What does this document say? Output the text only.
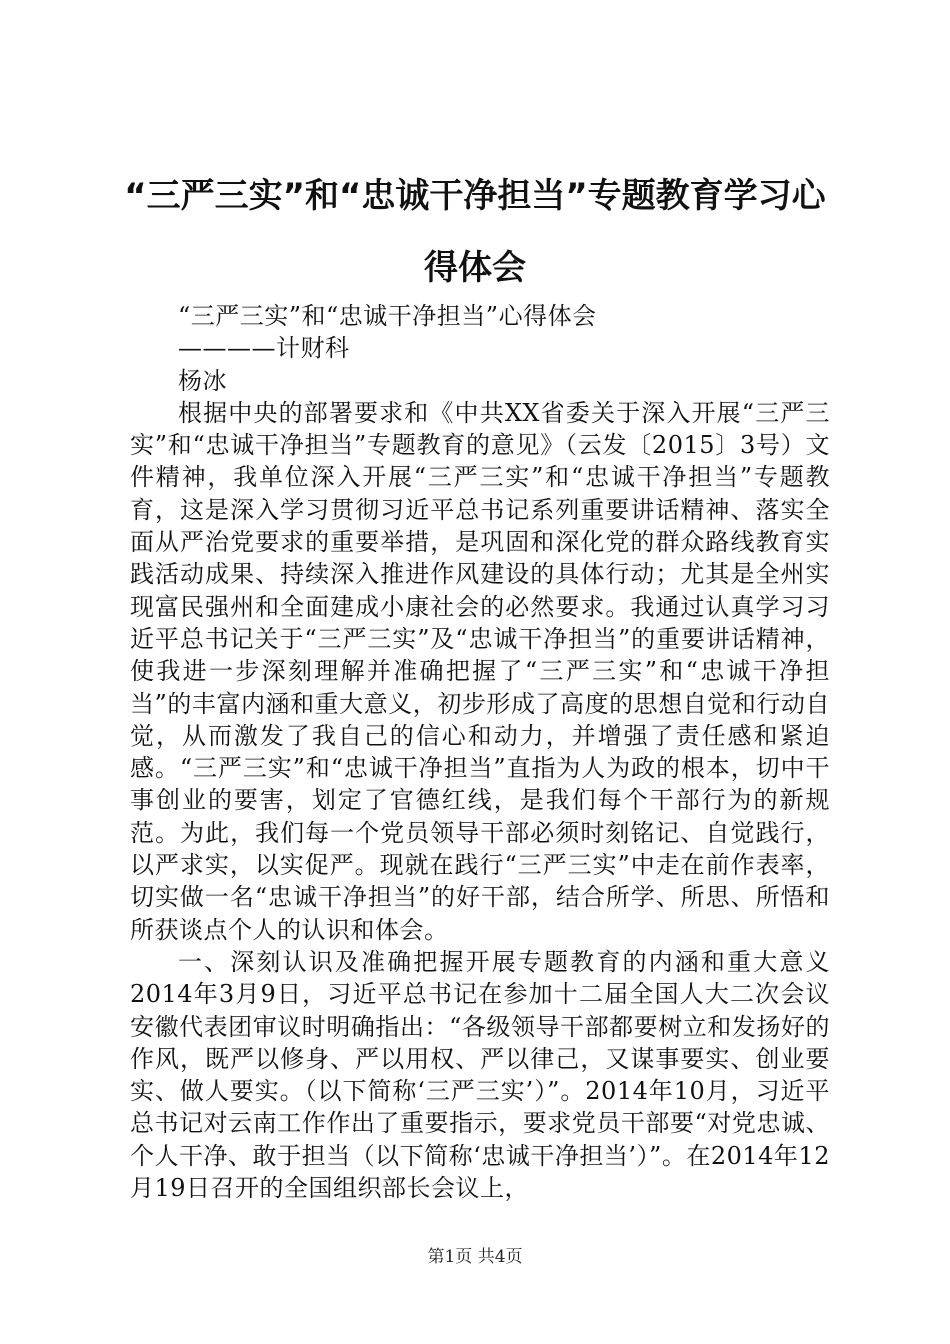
“三严三实”和“忠诚干净担当”专题教育学习心得体会

“三严三实”和“忠诚干净担当”心得体会

————计财科

杨冰

根据中央的部署要求和《中共XX省委关于深入开展“三严三实”和“忠诚干净担当”专题教育的意见》（云发〔2015〕3号）文件精神，我单位深入开展“三严三实”和“忠诚干净担当”专题教育，这是深入学习贯彻习近平总书记系列重要讲话精神、落实全面从严治党要求的重要举措，是巩固和深化党的群众路线教育实践活动成果、持续深入推进作风建设的具体行动；尤其是全州实现富民强州和全面建成小康社会的必然要求。我通过认真学习习近平总书记关于“三严三实”及“忠诚干净担当”的重要讲话精神，使我进一步深刻理解并准确把握了“三严三实”和“忠诚干净担当”的丰富内涵和重大意义，初步形成了高度的思想自觉和行动自觉，从而激发了我自己的信心和动力，并增强了责任感和紧迫感。“三严三实”和“忠诚干净担当”直指为人为政的根本，切中干事创业的要害，划定了官德红线，是我们每个干部行为的新规范。为此，我们每一个党员领导干部必须时刻铭记、自觉践行，以严求实，以实促严。现就在践行“三严三实”中走在前作表率，切实做一名“忠诚干净担当”的好干部，结合所学、所思、所悟和所获谈点个人的认识和体会。

一、深刻认识及准确把握开展专题教育的内涵和重大意义2014年3月9日，习近平总书记在参加十二届全国人大二次会议安徽代表团审议时明确指出：“各级领导干部都要树立和发扬好的作风，既严以修身、严以用权、严以律己，又谋事要实、创业要实、做人要实。（以下简称‘三严三实’）”。2014年10月，习近平总书记对云南工作作出了重要指示，要求党员干部要“对党忠诚、个人干净、敢于担当（以下简称‘忠诚干净担当’）”。在2014年12月19日召开的全国组织部长会议上，

第1页 共4页
